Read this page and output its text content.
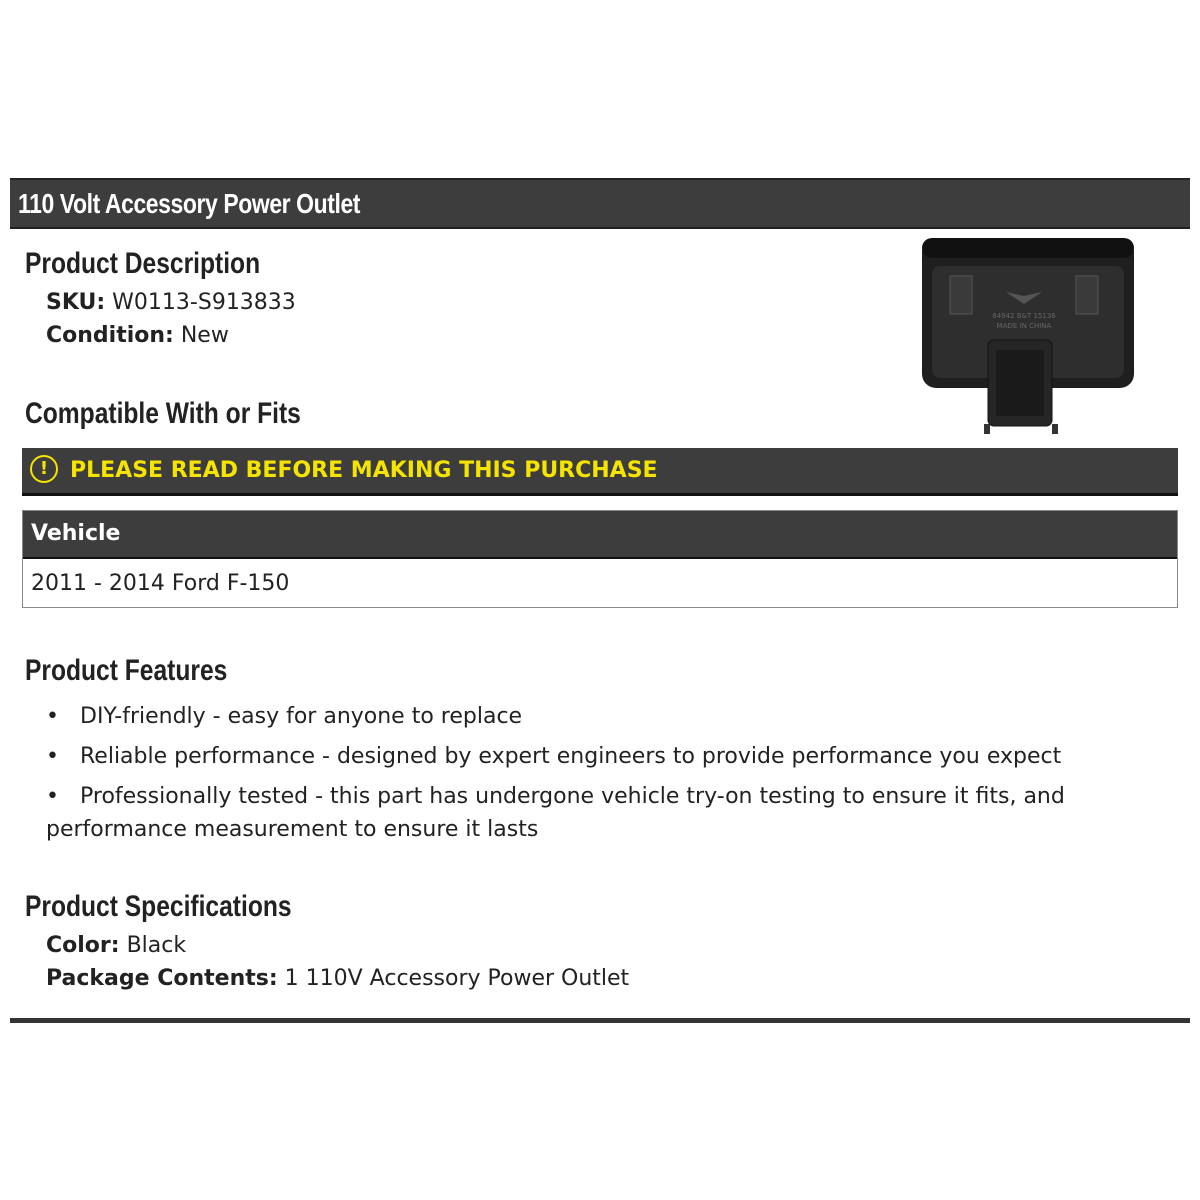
110 Volt Accessory Power Outlet
Product Description
SKU: W0113-S913833
Condition: New
84942 B&T 15136
MADE IN CHINA
Compatible With or Fits
! PLEASE READ BEFORE MAKING THIS PURCHASE
Vehicle
2011 - 2014 Ford F-150
Product Features
• DIY-friendly - easy for anyone to replace
• Reliable performance - designed by expert engineers to provide performance you expect
• Professionally tested - this part has undergone vehicle try-on testing to ensure it fits, and performance measurement to ensure it lasts
Product Specifications
Color: Black
Package Contents: 1 110V Accessory Power Outlet
